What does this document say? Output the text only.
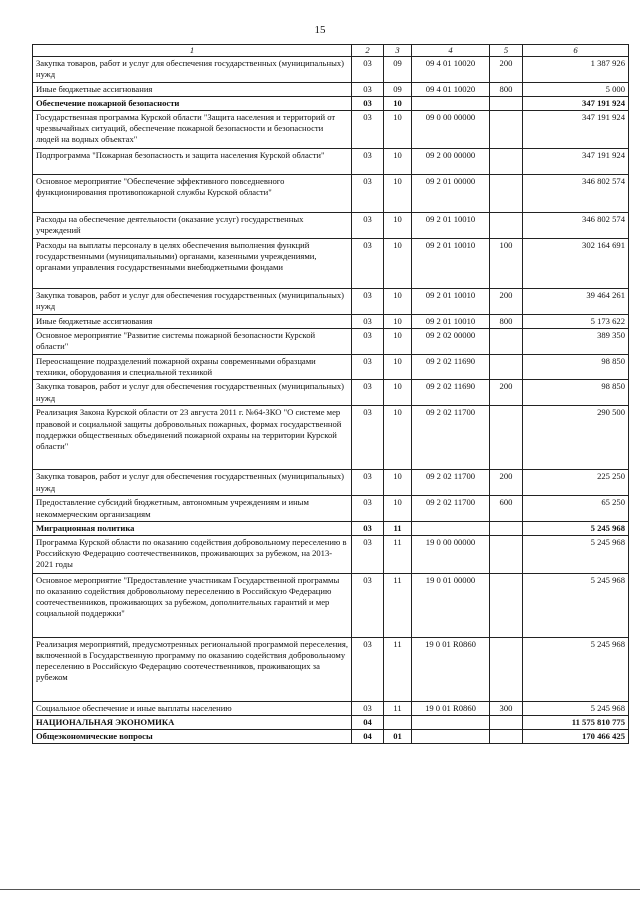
15
1	2	3	4	5	6
Закупка товаров, работ и услуг для обеспечения государственных (муниципальных) нужд	03	09	09 4 01 10020	200	1 387 926
Иные бюджетные ассигнования	03	09	09 4 01 10020	800	5 000
Обеспечение пожарной безопасности	03	10			347 191 924
Государственная программа Курской области "Защита населения и территорий от чрезвычайных ситуаций, обеспечение пожарной безопасности и безопасности людей на водных объектах"	03	10	09 0 00 00000		347 191 924
Подпрограмма "Пожарная безопасность и защита населения Курской области"	03	10	09 2 00 00000		347 191 924
Основное мероприятие "Обеспечение эффективного повседневного функционирования противопожарной службы Курской области"	03	10	09 2 01 00000		346 802 574
Расходы на обеспечение деятельности (оказание услуг) государственных учреждений	03	10	09 2 01 10010		346 802 574
Расходы на выплаты персоналу в целях обеспечения выполнения функций государственными (муниципальными) органами, казенными учреждениями, органами управления государственными внебюджетными фондами	03	10	09 2 01 10010	100	302 164 691
Закупка товаров, работ и услуг для обеспечения государственных (муниципальных) нужд	03	10	09 2 01 10010	200	39 464 261
Иные бюджетные ассигнования	03	10	09 2 01 10010	800	5 173 622
Основное мероприятие "Развитие системы пожарной безопасности Курской области"	03	10	09 2 02 00000		389 350
Переоснащение подразделений пожарной охраны современными образцами техники, оборудования и специальной техникой	03	10	09 2 02 11690		98 850
Закупка товаров, работ и услуг для обеспечения государственных (муниципальных) нужд	03	10	09 2 02 11690	200	98 850
Реализация Закона Курской области от 23 августа 2011 г. №64-ЗКО "О системе мер правовой и социальной защиты добровольных пожарных, формах государственной поддержки общественных объединений пожарной охраны на территории Курской области"	03	10	09 2 02 11700		290 500
Закупка товаров, работ и услуг для обеспечения государственных (муниципальных) нужд	03	10	09 2 02 11700	200	225 250
Предоставление субсидий бюджетным, автономным учреждениям и иным некоммерческим организациям	03	10	09 2 02 11700	600	65 250
Миграционная политика	03	11			5 245 968
Программа Курской области по оказанию содействия добровольному переселению в Российскую Федерацию соотечественников, проживающих за рубежом, на 2013-2021 годы	03	11	19 0 00 00000		5 245 968
Основное мероприятие "Предоставление участникам Государственной программы по оказанию содействия добровольному переселению в Российскую Федерацию соотечественников, проживающих за рубежом, дополнительных гарантий и мер социальной поддержки"	03	11	19 0 01 00000		5 245 968
Реализация мероприятий, предусмотренных региональной программой переселения, включенной в Государственную программу по оказанию содействия добровольному переселению в Российскую Федерацию соотечественников, проживающих за рубежом	03	11	19 0 01 R0860		5 245 968
Социальное обеспечение и иные выплаты населению	03	11	19 0 01 R0860	300	5 245 968
НАЦИОНАЛЬНАЯ ЭКОНОМИКА	04				11 575 810 775
Общеэкономические вопросы	04	01			170 466 425
